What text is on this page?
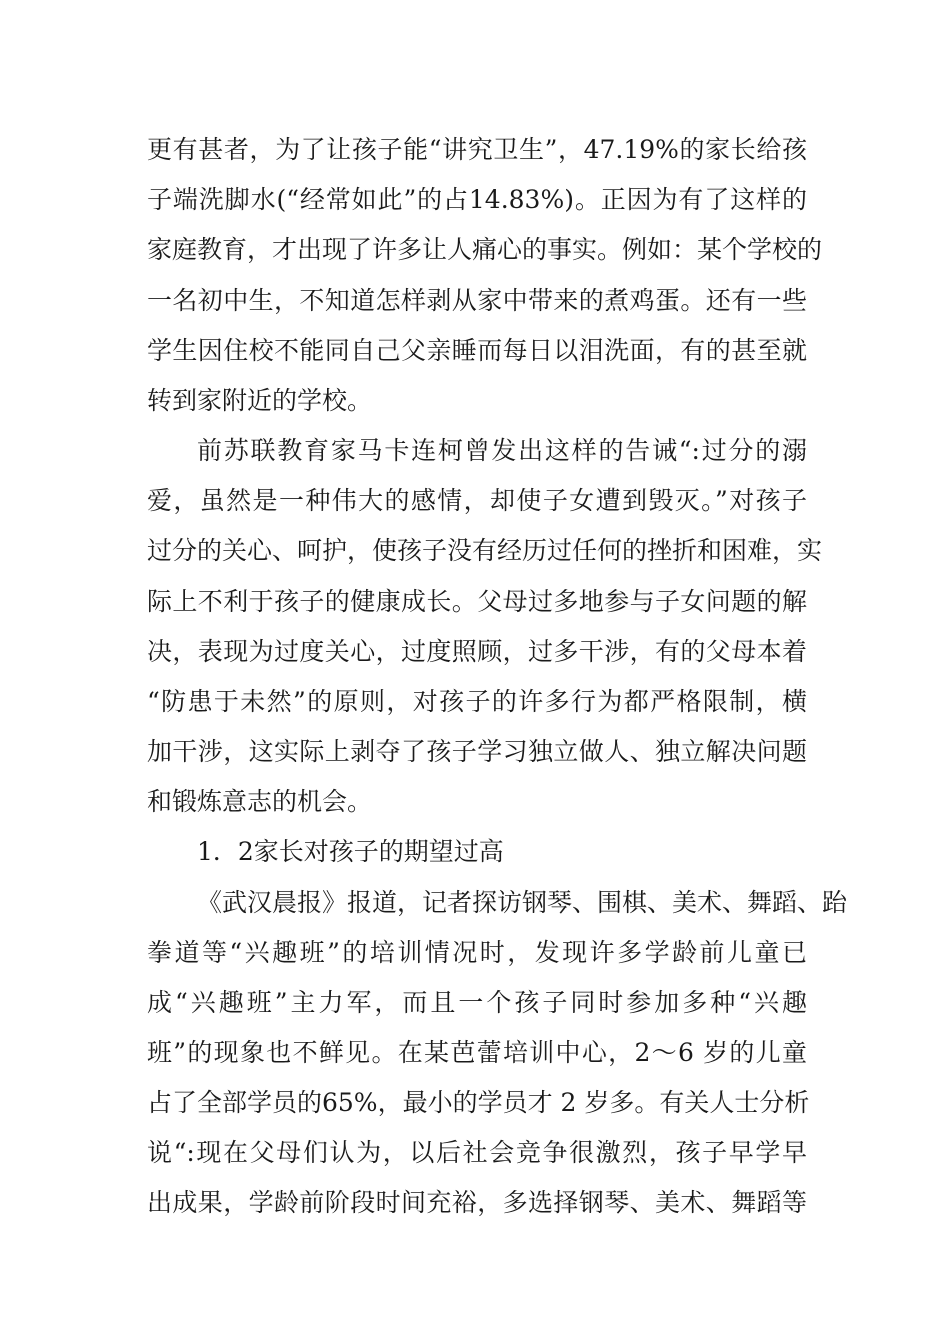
更有甚者，为了让孩子能“讲究卫生”，47.19%的家长给孩
子端洗脚水(“经常如此”的占14.83%)。正因为有了这样的
家庭教育，才出现了许多让人痛心的事实。例如：某个学校的
一名初中生，不知道怎样剥从家中带来的煮鸡蛋。还有一些
学生因住校不能同自己父亲睡而每日以泪洗面，有的甚至就
转到家附近的学校。
前苏联教育家马卡连柯曾发出这样的告诫“:过分的溺
爱，虽然是一种伟大的感情，却使子女遭到毁灭。”对孩子
过分的关心、呵护，使孩子没有经历过任何的挫折和困难，实
际上不利于孩子的健康成长。父母过多地参与子女问题的解
决，表现为过度关心，过度照顾，过多干涉，有的父母本着
“防患于未然”的原则，对孩子的许多行为都严格限制，横
加干涉，这实际上剥夺了孩子学习独立做人、独立解决问题
和锻炼意志的机会。
1．2家长对孩子的期望过高
《武汉晨报》报道，记者探访钢琴、围棋、美术、舞蹈、跆
拳道等“兴趣班”的培训情况时，发现许多学龄前儿童已
成“兴趣班”主力军，而且一个孩子同时参加多种“兴趣
班”的现象也不鲜见。在某芭蕾培训中心，2～6 岁的儿童
占了全部学员的65%，最小的学员才 2 岁多。有关人士分析
说“:现在父母们认为，以后社会竞争很激烈，孩子早学早
出成果，学龄前阶段时间充裕，多选择钢琴、美术、舞蹈等
